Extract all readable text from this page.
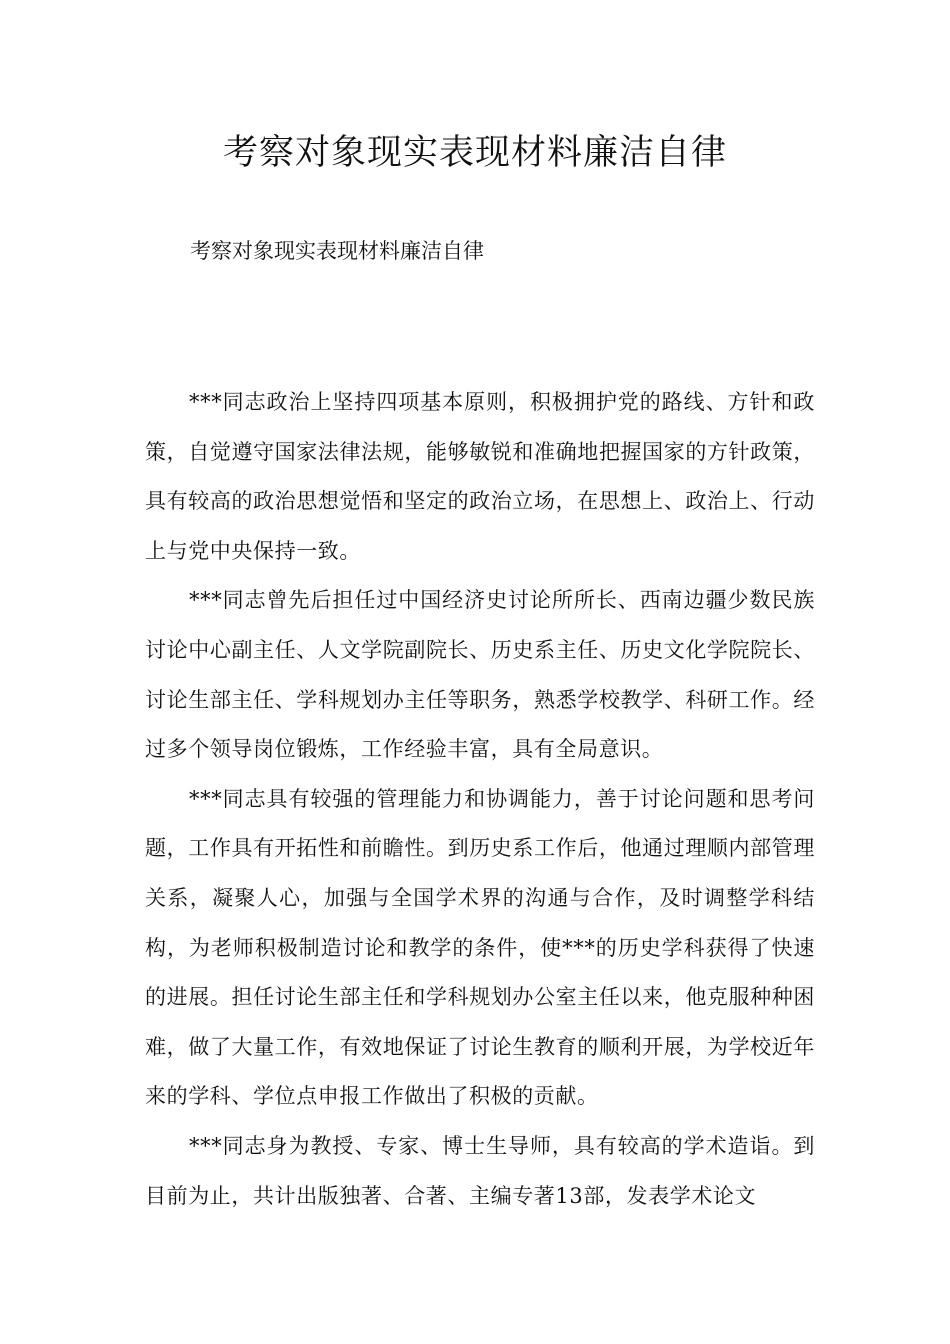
考察对象现实表现材料廉洁自律

考察对象现实表现材料廉洁自律

***同志政治上坚持四项基本原则，积极拥护党的路线、方针和政策，自觉遵守国家法律法规，能够敏锐和准确地把握国家的方针政策，具有较高的政治思想觉悟和坚定的政治立场，在思想上、政治上、行动上与党中央保持一致。

***同志曾先后担任过中国经济史讨论所所长、西南边疆少数民族讨论中心副主任、人文学院副院长、历史系主任、历史文化学院院长、讨论生部主任、学科规划办主任等职务，熟悉学校教学、科研工作。经过多个领导岗位锻炼，工作经验丰富，具有全局意识。

***同志具有较强的管理能力和协调能力，善于讨论问题和思考问题，工作具有开拓性和前瞻性。到历史系工作后，他通过理顺内部管理关系，凝聚人心，加强与全国学术界的沟通与合作，及时调整学科结构，为老师积极制造讨论和教学的条件，使***的历史学科获得了快速的进展。担任讨论生部主任和学科规划办公室主任以来，他克服种种困难，做了大量工作，有效地保证了讨论生教育的顺利开展，为学校近年来的学科、学位点申报工作做出了积极的贡献。

***同志身为教授、专家、博士生导师，具有较高的学术造诣。到目前为止，共计出版独著、合著、主编专著13部，发表学术论文
